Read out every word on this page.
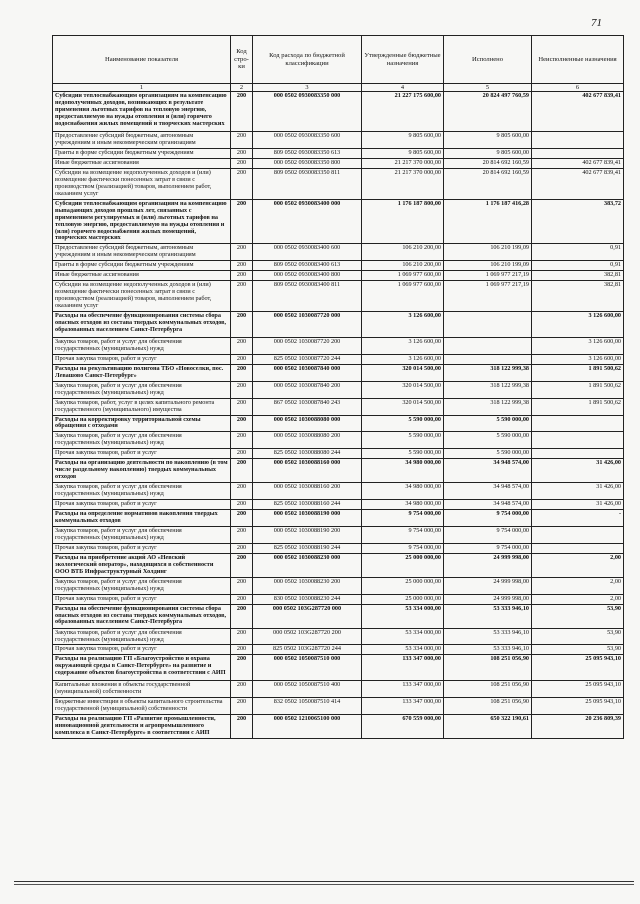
71
Наименование показателя	Код стро-ки	Код расхода по бюджетной классификации	Утвержденные бюджетные назначения	Исполнено	Неисполненные назначения
1	2	3	4	5	6
Субсидии теплоснабжающим организациям на компенсацию недополученных доходов, возникающих в результате применения льготных тарифов на тепловую энергию, предоставляемую на нужды отопления и (или) горячего водоснабжения жилых помещений и творческих мастерских	200	000 0502 0930083350 000	21 227 175 600,00	20 824 497 760,59	402 677 839,41
Предоставление субсидий бюджетным, автономным учреждениям и иным некоммерческим организациям	200	000 0502 0930083350 600	9 805 600,00	9 805 600,00	
Гранты в форме субсидии бюджетным учреждениям	200	809 0502 0930083350 613	9 805 600,00	9 805 600,00	
Иные бюджетные ассигнования	200	000 0502 0930083350 800	21 217 370 000,00	20 814 692 160,59	402 677 839,41
Субсидии на возмещение недополученных доходов и (или) возмещение фактически понесенных затрат в связи с производством (реализацией) товаров, выполнением работ, оказанием услуг	200	809 0502 0930083350 811	21 217 370 000,00	20 814 692 160,59	402 677 839,41
Субсидии теплоснабжающим организациям на компенсацию выпадающих доходов прошлых лет, связанных с применением регулируемых и (или) льготных тарифов на тепловую энергию, предоставляемую на нужды отопления и (или) горячего водоснабжения жилых помещений, творческих мастерских	200	000 0502 0930083400 000	1 176 187 800,00	1 176 187 416,28	383,72
Предоставление субсидий бюджетным, автономным учреждениям и иным некоммерческим организациям	200	000 0502 0930083400 600	106 210 200,00	106 210 199,09	0,91
Гранты в форме субсидии бюджетным учреждениям	200	809 0502 0930083400 613	106 210 200,00	106 210 199,09	0,91
Иные бюджетные ассигнования	200	000 0502 0930083400 800	1 069 977 600,00	1 069 977 217,19	382,81
Субсидии на возмещение недополученных доходов и (или) возмещение фактически понесенных затрат в связи с производством (реализацией) товаров, выполнением работ, оказанием услуг	200	809 0502 0930083400 811	1 069 977 600,00	1 069 977 217,19	382,81
Расходы на обеспечение функционирования системы сбора опасных отходов из состава твердых коммунальных отходов, образованных населением Санкт-Петербурга	200	000 0502 1030087720 000	3 126 600,00		3 126 600,00
Закупка товаров, работ и услуг для обеспечения государственных (муниципальных) нужд	200	000 0502 1030087720 200	3 126 600,00		3 126 600,00
Прочая закупка товаров, работ и услуг	200	825 0502 1030087720 244	3 126 600,00		3 126 600,00
Расходы на рекультивацию полигона ТБО «Новоселки, пос. Левашово Санкт-Петербург»	200	000 0502 1030087840 000	320 014 500,00	318 122 999,38	1 891 500,62
Закупка товаров, работ и услуг для обеспечения государственных (муниципальных) нужд	200	000 0502 1030087840 200	320 014 500,00	318 122 999,38	1 891 500,62
Закупка товаров, работ, услуг в целях капитального ремонта государственного (муниципального) имущества	200	867 0502 1030087840 243	320 014 500,00	318 122 999,38	1 891 500,62
Расходы на корректировку территориальной схемы обращения с отходами	200	000 0502 1030088080 000	5 590 000,00	5 590 000,00	
Закупка товаров, работ и услуг для обеспечения государственных (муниципальных) нужд	200	000 0502 1030088080 200	5 590 000,00	5 590 000,00	
Прочая закупка товаров, работ и услуг	200	825 0502 1030088080 244	5 590 000,00	5 590 000,00	
Расходы на организацию деятельности по накоплению (в том числе раздельному накоплению) твердых коммунальных отходов	200	000 0502 1030088160 000	34 980 000,00	34 948 574,00	31 426,00
Закупка товаров, работ и услуг для обеспечения государственных (муниципальных) нужд	200	000 0502 1030088160 200	34 980 000,00	34 948 574,00	31 426,00
Прочая закупка товаров, работ и услуг	200	825 0502 1030088160 244	34 980 000,00	34 948 574,00	31 426,00
Расходы на определение нормативов накопления твердых коммунальных отходов	200	000 0502 1030088190 000	9 754 000,00	9 754 000,00	-
Закупка товаров, работ и услуг для обеспечения государственных (муниципальных) нужд	200	000 0502 1030088190 200	9 754 000,00	9 754 000,00	
Прочая закупка товаров, работ и услуг	200	825 0502 1030088190 244	9 754 000,00	9 754 000,00	
Расходы на приобретение акций АО «Невский экологический оператор», находящихся в собственности ООО ВТБ Инфраструктурный Холдинг	200	000 0502 1030088230 000	25 000 000,00	24 999 998,00	2,00
Закупка товаров, работ и услуг для обеспечения государственных (муниципальных) нужд	200	000 0502 1030088230 200	25 000 000,00	24 999 998,00	2,00
Прочая закупка товаров, работ и услуг	200	830 0502 1030088230 244	25 000 000,00	24 999 998,00	2,00
Расходы на обеспечение функционирования системы сбора опасных отходов из состава твердых коммунальных отходов, образованных населением Санкт-Петербурга	200	000 0502 103G287720 000	53 334 000,00	53 333 946,10	53,90
Закупка товаров, работ и услуг для обеспечения государственных (муниципальных) нужд	200	000 0502 103G287720 200	53 334 000,00	53 333 946,10	53,90
Прочая закупка товаров, работ и услуг	200	825 0502 103G287720 244	53 334 000,00	53 333 946,10	53,90
Расходы на реализацию ГП «Благоустройство и охрана окружающей среды в Санкт-Петербурге» на развитие и содержание объектов благоустройства в соответствии с АИП	200	000 0502 1050087510 000	133 347 000,00	108 251 056,90	25 095 943,10
Капитальные вложения в объекты государственной (муниципальной) собственности	200	000 0502 1050087510 400	133 347 000,00	108 251 056,90	25 095 943,10
Бюджетные инвестиции в объекты капитального строительства государственной (муниципальной) собственности	200	832 0502 1050087510 414	133 347 000,00	108 251 056,90	25 095 943,10
Расходы на реализацию ГП «Развитие промышленности, инновационной деятельности и агропромышленного комплекса в Санкт-Петербурге» в соответствии с АИП	200	000 0502 1210065100 000	670 559 000,00	650 322 190,61	20 236 809,39
